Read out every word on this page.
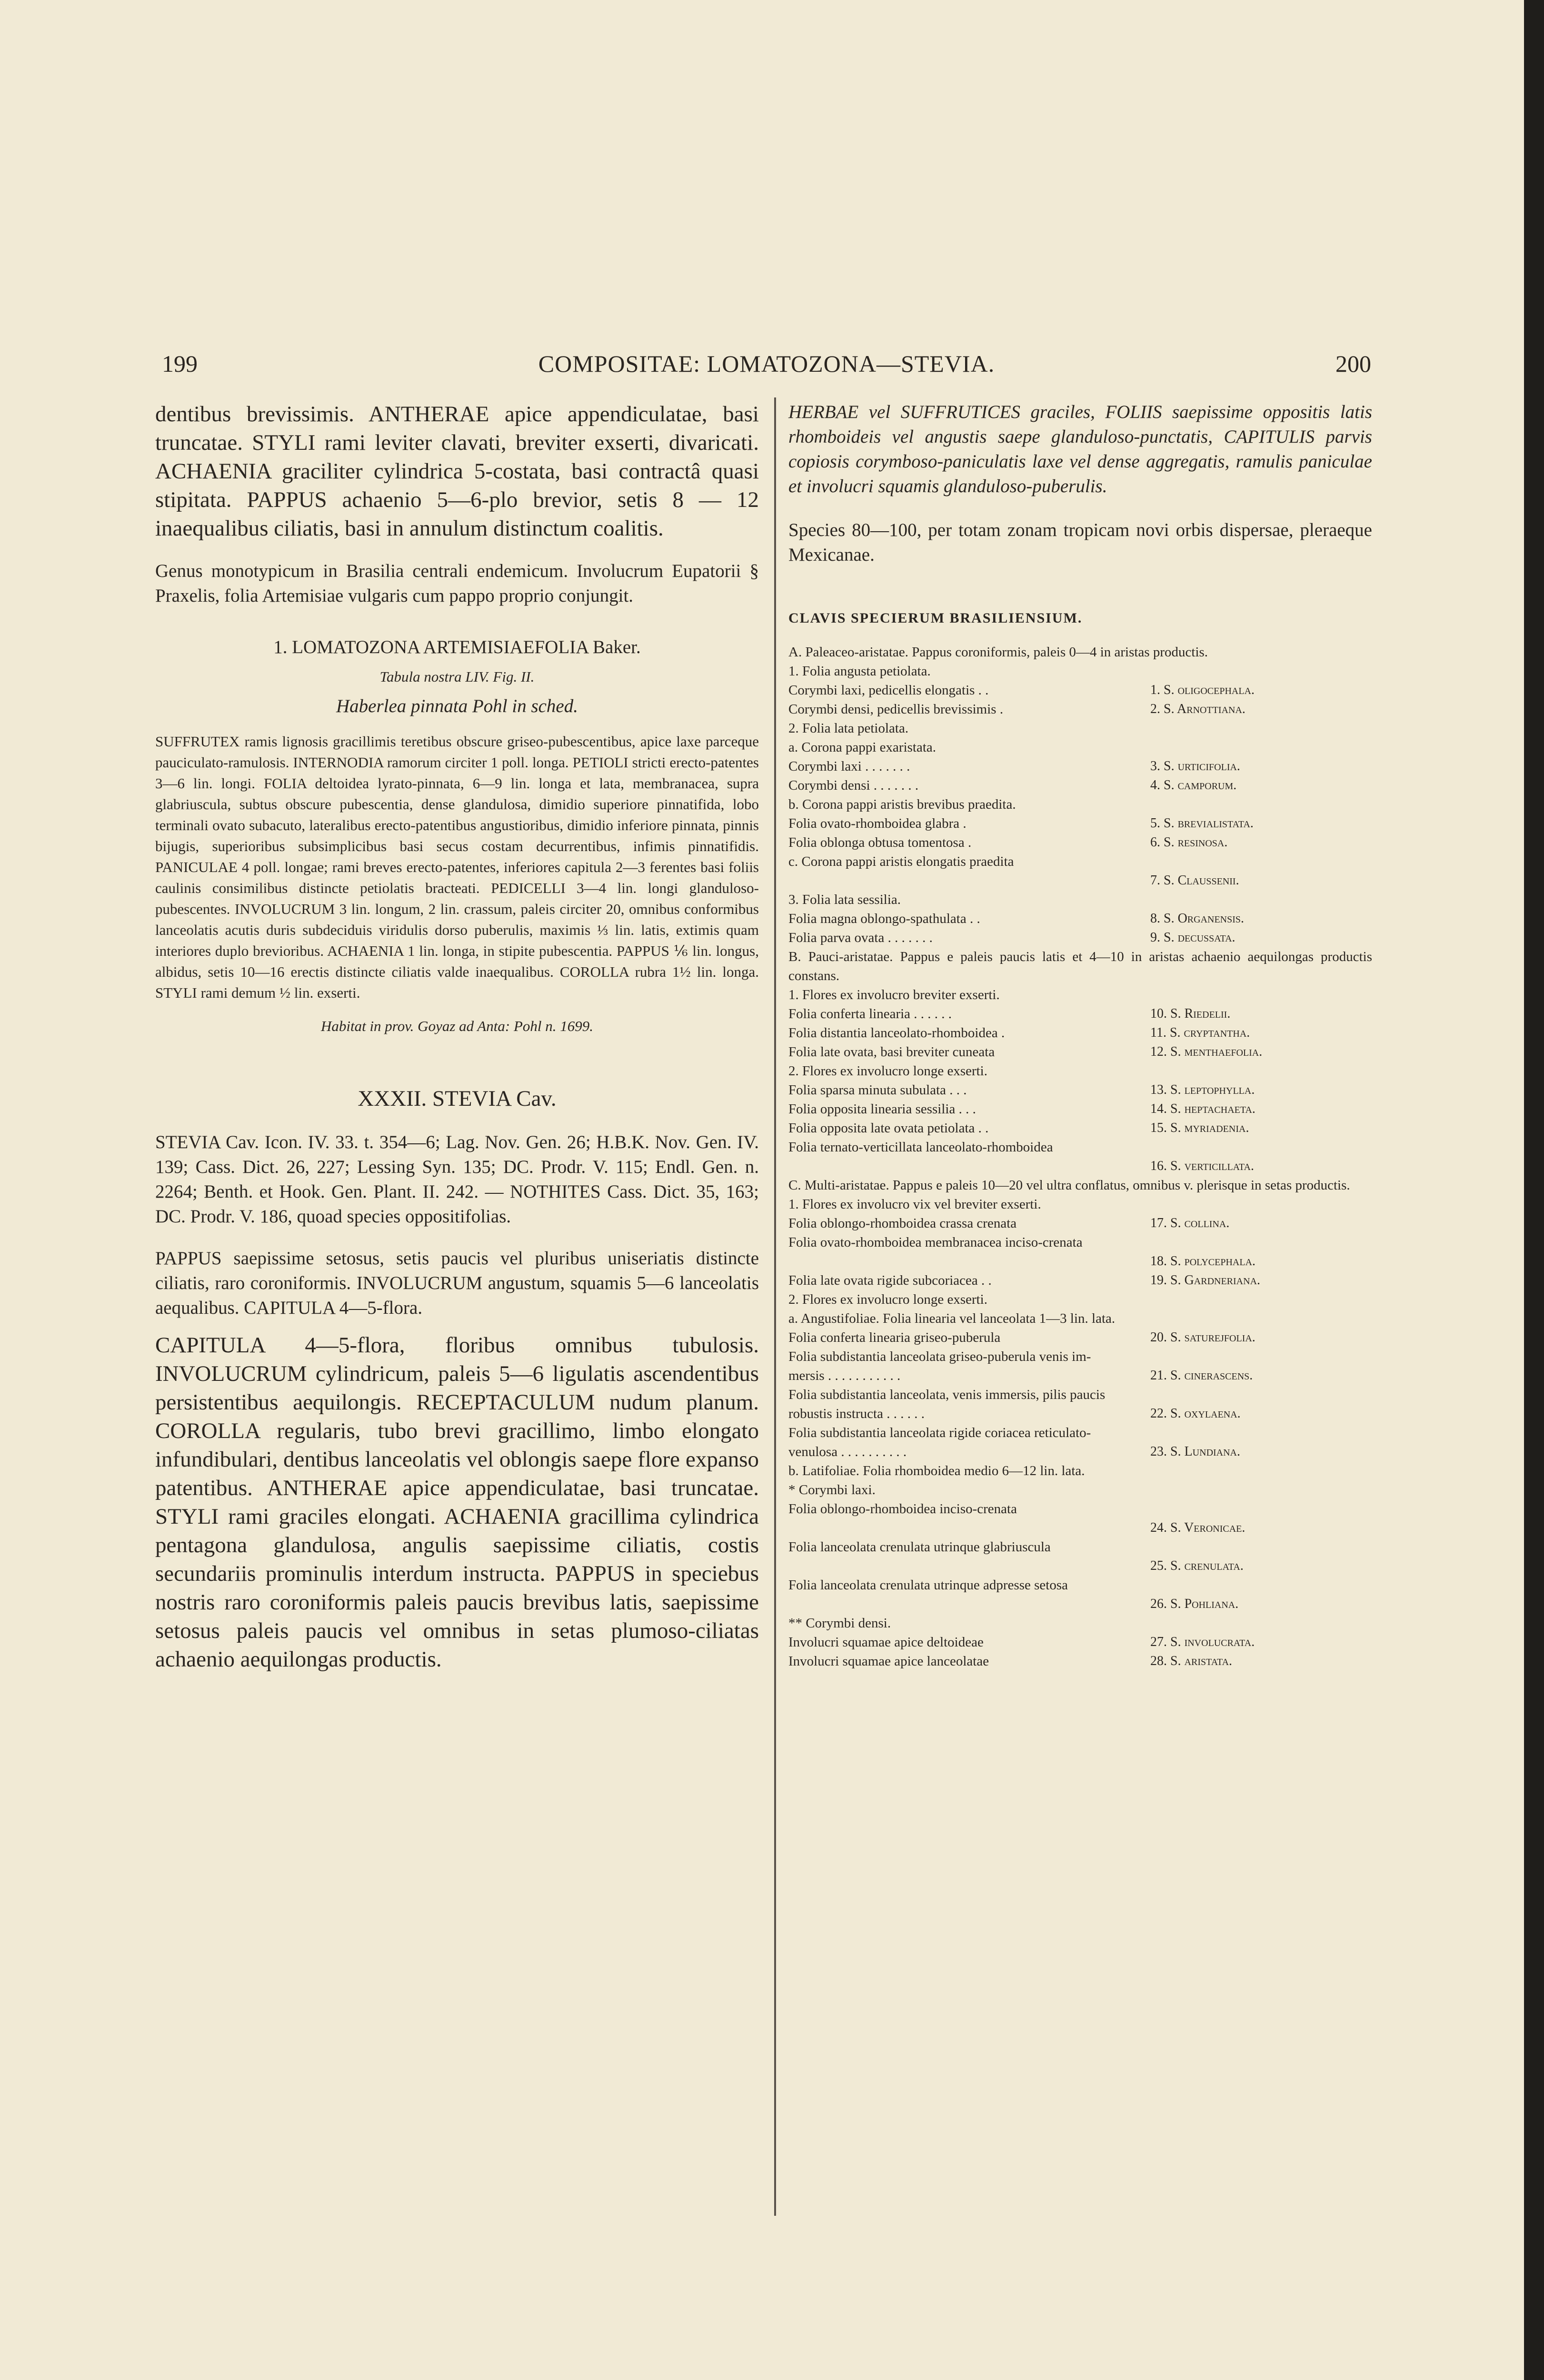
199	COMPOSITAE: LOMATOZONA—STEVIA.	200

dentibus brevissimis. ANTHERAE apice appendiculatae, basi truncatae. STYLI rami leviter clavati, breviter exserti, divaricati. ACHAENIA graciliter cylindrica 5-costata, basi contractâ quasi stipitata. PAPPUS achaenio 5—6-plo brevior, setis 8 — 12 inaequalibus ciliatis, basi in annulum distinctum coalitis.

Genus monotypicum in Brasilia centrali endemicum. Involucrum Eupatorii § Praxelis, folia Artemisiae vulgaris cum pappo proprio conjungit.

1. LOMATOZONA ARTEMISIAEFOLIA Baker.

Tabula nostra LIV. Fig. II.

Haberlea pinnata Pohl in sched.

SUFFRUTEX ramis lignosis gracillimis teretibus obscure griseo-pubescentibus, apice laxe parceque pauciculato-ramulosis. INTERNODIA ramorum circiter 1 poll. longa. PETIOLI stricti erecto-patentes 3—6 lin. longi. FOLIA deltoidea lyrato-pinnata, 6—9 lin. longa et lata, membranacea, supra glabriuscula, subtus obscure pubescentia, dense glandulosa, dimidio superiore pinnatifida, lobo terminali ovato subacuto, lateralibus erecto-patentibus angustioribus, dimidio inferiore pinnata, pinnis bijugis, superioribus subsimplicibus basi secus costam decurrentibus, infimis pinnatifidis. PANICULAE 4 poll. longae; rami breves erecto-patentes, inferiores capitula 2—3 ferentes basi foliis caulinis consimilibus distincte petiolatis bracteati. PEDICELLI 3—4 lin. longi glanduloso-pubescentes. INVOLUCRUM 3 lin. longum, 2 lin. crassum, paleis circiter 20, omnibus conformibus lanceolatis acutis duris subdeciduis viridulis dorso puberulis, maximis ⅓ lin. latis, extimis quam interiores duplo brevioribus. ACHAENIA 1 lin. longa, in stipite pubescentia. PAPPUS ⅙ lin. longus, albidus, setis 10—16 erectis distincte ciliatis valde inaequalibus. COROLLA rubra 1½ lin. longa. STYLI rami demum ½ lin. exserti.

Habitat in prov. Goyaz ad Anta: Pohl n. 1699.

XXXII. STEVIA Cav.

STEVIA Cav. Icon. IV. 33. t. 354—6; Lag. Nov. Gen. 26; H.B.K. Nov. Gen. IV. 139; Cass. Dict. 26, 227; Lessing Syn. 135; DC. Prodr. V. 115; Endl. Gen. n. 2264; Benth. et Hook. Gen. Plant. II. 242. — NOTHITES Cass. Dict. 35, 163; DC. Prodr. V. 186, quoad species oppositifolias.

PAPPUS saepissime setosus, setis paucis vel pluribus uniseriatis distincte ciliatis, raro coroniformis. INVOLUCRUM angustum, squamis 5—6 lanceolatis aequalibus. CAPITULA 4—5-flora.

CAPITULA 4—5-flora, floribus omnibus tubulosis. INVOLUCRUM cylindricum, paleis 5—6 ligulatis ascendentibus persistentibus aequilongis. RECEPTACULUM nudum planum. COROLLA regularis, tubo brevi gracillimo, limbo elongato infundibulari, dentibus lanceolatis vel oblongis saepe flore expanso patentibus. ANTHERAE apice appendiculatae, basi truncatae. STYLI rami graciles elongati. ACHAENIA gracillima cylindrica pentagona glandulosa, angulis saepissime ciliatis, costis secundariis prominulis interdum instructa. PAPPUS in speciebus nostris raro coroniformis paleis paucis brevibus latis, saepissime setosus paleis paucis vel omnibus in setas plumoso-ciliatas achaenio aequilongas productis.

HERBAE vel SUFFRUTICES graciles, FOLIIS saepissime oppositis latis rhomboideis vel angustis saepe glanduloso-punctatis, CAPITULIS parvis copiosis corymboso-paniculatis laxe vel dense aggregatis, ramulis paniculae et involucri squamis glanduloso-puberulis.

Species 80—100, per totam zonam tropicam novi orbis dispersae, pleraeque Mexicanae.

CLAVIS SPECIERUM BRASILIENSIUM.

A. Paleaceo-aristatae. Pappus coroniformis, paleis 0—4 in aristas productis.

1. Folia angusta petiolata.

Corymbi laxi, pedicellis elongatis . .	1. S. oligocephala.
Corymbi densi, pedicellis brevissimis .	2. S. Arnottiana.

2. Folia lata petiolata.

a. Corona pappi exaristata.

Corymbi laxi . . . . . . .	3. S. urticifolia.
Corymbi densi . . . . . . .	4. S. camporum.

b. Corona pappi aristis brevibus praedita.

Folia ovato-rhomboidea glabra .	5. S. brevialistata.
Folia oblonga obtusa tomentosa .	6. S. resinosa.

c. Corona pappi aristis elongatis praedita

7. S. Claussenii.

3. Folia lata sessilia.

Folia magna oblongo-spathulata . .	8. S. Organensis.
Folia parva ovata . . . . . . .	9. S. decussata.

B. Pauci-aristatae. Pappus e paleis paucis latis et 4—10 in aristas achaenio aequilongas productis constans.

1. Flores ex involucro breviter exserti.

Folia conferta linearia . . . . . .	10. S. Riedelii.
Folia distantia lanceolato-rhomboidea .	11. S. cryptantha.
Folia late ovata, basi breviter cuneata	12. S. menthaefolia.

2. Flores ex involucro longe exserti.

Folia sparsa minuta subulata . . .	13. S. leptophylla.
Folia opposita linearia sessilia . . .	14. S. heptachaeta.
Folia opposita late ovata petiolata . .	15. S. myriadenia.

Folia ternato-verticillata lanceolato-rhomboidea

16. S. verticillata.

C. Multi-aristatae. Pappus e paleis 10—20 vel ultra conflatus, omnibus v. plerisque in setas productis.

1. Flores ex involucro vix vel breviter exserti.

Folia oblongo-rhomboidea crassa crenata	17. S. collina.

Folia ovato-rhomboidea membranacea inciso-crenata

18. S. polycephala.

Folia late ovata rigide subcoriacea . .	19. S. Gardneriana.

2. Flores ex involucro longe exserti.

a. Angustifoliae. Folia linearia vel lanceolata 1—3 lin. lata.

Folia conferta linearia griseo-puberula	20. S. saturejfolia.

Folia subdistantia lanceolata griseo-puberula venis im-

mersis . . . . . . . . . . .	21. S. cinerascens.

Folia subdistantia lanceolata, venis immersis, pilis paucis

robustis instructa . . . . . .	22. S. oxylaena.

Folia subdistantia lanceolata rigide coriacea reticulato-

venulosa . . . . . . . . . .	23. S. Lundiana.

b. Latifoliae. Folia rhomboidea medio 6—12 lin. lata.

* Corymbi laxi.

Folia oblongo-rhomboidea inciso-crenata

24. S. Veronicae.

Folia lanceolata crenulata utrinque glabriuscula

25. S. crenulata.

Folia lanceolata crenulata utrinque adpresse setosa

26. S. Pohliana.

** Corymbi densi.

Involucri squamae apice deltoideae	27. S. involucrata.
Involucri squamae apice lanceolatae	28. S. aristata.
